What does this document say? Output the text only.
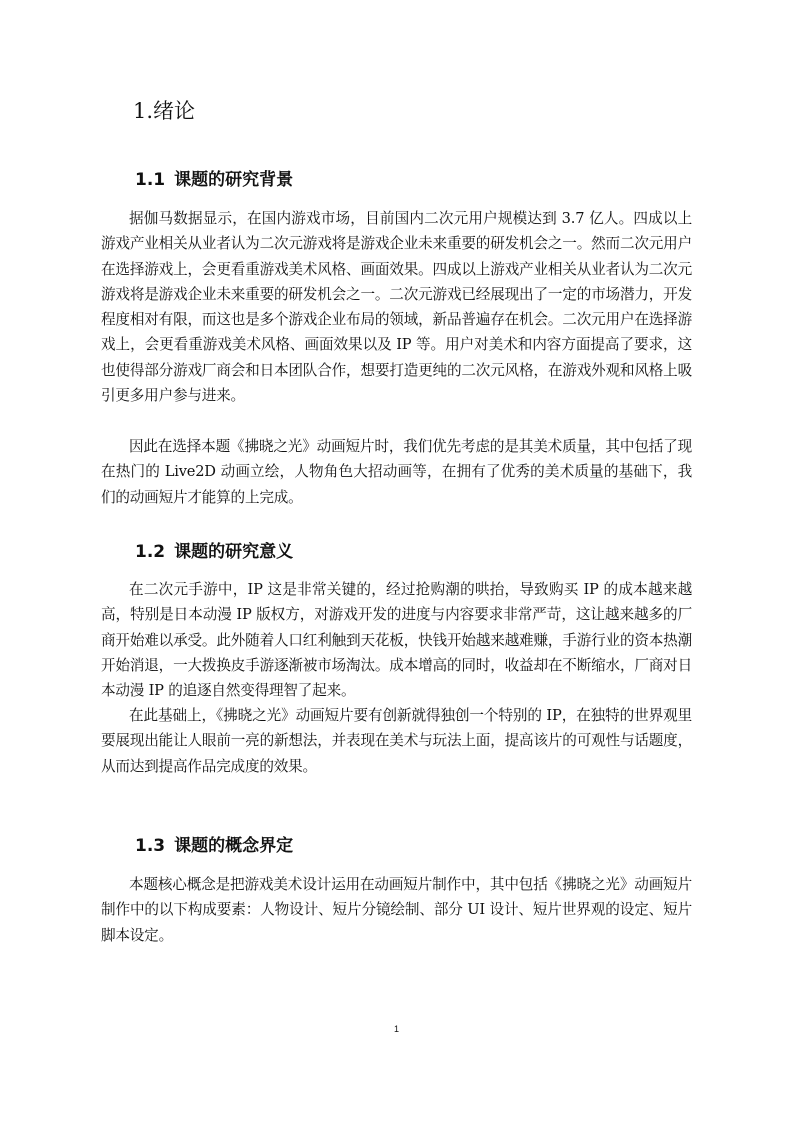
1.绪论
1.1 课题的研究背景

据伽马数据显示，在国内游戏市场，目前国内二次元用户规模达到 3.7 亿人。四成以上游戏产业相关从业者认为二次元游戏将是游戏企业未来重要的研发机会之一。然而二次元用户在选择游戏上，会更看重游戏美术风格、画面效果。四成以上游戏产业相关从业者认为二次元游戏将是游戏企业未来重要的研发机会之一。二次元游戏已经展现出了一定的市场潜力，开发程度相对有限，而这也是多个游戏企业布局的领域，新品普遍存在机会。二次元用户在选择游戏上，会更看重游戏美术风格、画面效果以及 IP 等。用户对美术和内容方面提高了要求，这也使得部分游戏厂商会和日本团队合作，想要打造更纯的二次元风格，在游戏外观和风格上吸引更多用户参与进来。

因此在选择本题《拂晓之光》动画短片时，我们优先考虑的是其美术质量，其中包括了现在热门的 Live2D 动画立绘，人物角色大招动画等，在拥有了优秀的美术质量的基础下，我们的动画短片才能算的上完成。

1.2 课题的研究意义

在二次元手游中，IP 这是非常关键的，经过抢购潮的哄抬，导致购买 IP 的成本越来越高，特别是日本动漫 IP 版权方，对游戏开发的进度与内容要求非常严苛，这让越来越多的厂商开始难以承受。此外随着人口红利触到天花板，快钱开始越来越难赚，手游行业的资本热潮开始消退，一大拨换皮手游逐渐被市场淘汰。成本增高的同时，收益却在不断缩水，厂商对日本动漫 IP 的追逐自然变得理智了起来。

在此基础上，《拂晓之光》动画短片要有创新就得独创一个特别的 IP，在独特的世界观里要展现出能让人眼前一亮的新想法，并表现在美术与玩法上面，提高该片的可观性与话题度，从而达到提高作品完成度的效果。

1.3 课题的概念界定

本题核心概念是把游戏美术设计运用在动画短片制作中，其中包括《拂晓之光》动画短片制作中的以下构成要素：人物设计、短片分镜绘制、部分 UI 设计、短片世界观的设定、短片脚本设定。

1
